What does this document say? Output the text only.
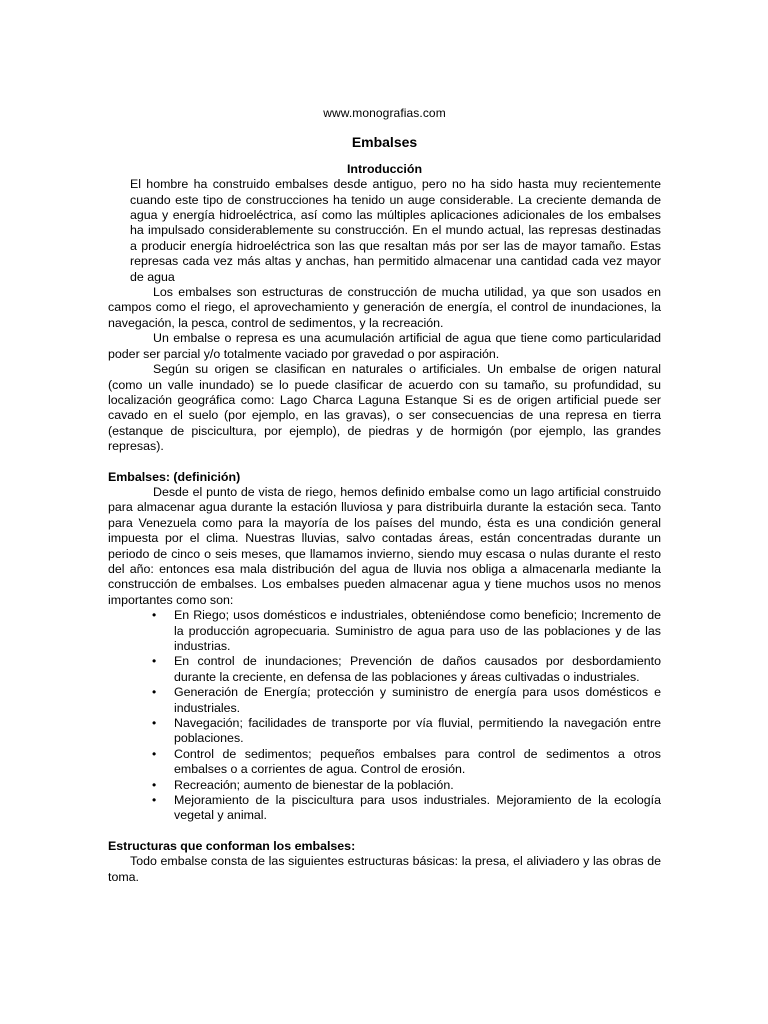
www.monografias.com
Embalses
Introducción

El hombre ha construido embalses desde antiguo, pero no ha sido hasta muy recientemente cuando este tipo de construcciones ha tenido un auge considerable. La creciente demanda de agua y energía hidroeléctrica, así como las múltiples aplicaciones adicionales de los embalses ha impulsado considerablemente su construcción. En el mundo actual, las represas destinadas a producir energía hidroeléctrica son las que resaltan más por ser las de mayor tamaño. Estas represas cada vez más altas y anchas, han permitido almacenar una cantidad cada vez mayor de agua

Los embalses son estructuras de construcción de mucha utilidad, ya que son usados en campos como el riego, el aprovechamiento y generación de energía, el control de inundaciones, la navegación, la pesca, control de sedimentos, y la recreación.

Un embalse o represa es una acumulación artificial de agua que tiene como particularidad poder ser parcial y/o totalmente vaciado por gravedad o por aspiración.

Según su origen se clasifican en naturales o artificiales. Un embalse de origen natural (como un valle inundado) se lo puede clasificar de acuerdo con su tamaño, su profundidad, su localización geográfica como: Lago Charca Laguna Estanque Si es de origen artificial puede ser cavado en el suelo (por ejemplo, en las gravas), o ser consecuencias de una represa en tierra (estanque de piscicultura, por ejemplo), de piedras y de hormigón (por ejemplo, las grandes represas).

Embalses: (definición)

Desde el punto de vista de riego, hemos definido embalse como un lago artificial construido para almacenar agua durante la estación lluviosa y para distribuirla durante la estación seca. Tanto para Venezuela como para la mayoría de los países del mundo, ésta es una condición general impuesta por el clima. Nuestras lluvias, salvo contadas áreas, están concentradas durante un periodo de cinco o seis meses, que llamamos invierno, siendo muy escasa o nulas durante el resto del año: entonces esa mala distribución del agua de lluvia nos obliga a almacenarla mediante la construcción de embalses. Los embalses pueden almacenar agua y tiene muchos usos no menos importantes como son:

• En Riego; usos domésticos e industriales, obteniéndose como beneficio; Incremento de la producción agropecuaria. Suministro de agua para uso de las poblaciones y de las industrias.
• En control de inundaciones; Prevención de daños causados por desbordamiento durante la creciente, en defensa de las poblaciones y áreas cultivadas o industriales.
• Generación de Energía; protección y suministro de energía para usos domésticos e industriales.
• Navegación; facilidades de transporte por vía fluvial, permitiendo la navegación entre poblaciones.
• Control de sedimentos; pequeños embalses para control de sedimentos a otros embalses o a corrientes de agua. Control de erosión.
• Recreación; aumento de bienestar de la población.
• Mejoramiento de la piscicultura para usos industriales. Mejoramiento de la ecología vegetal y animal.
Estructuras que conforman los embalses:

Todo embalse consta de las siguientes estructuras básicas: la presa, el aliviadero y las obras de toma.
